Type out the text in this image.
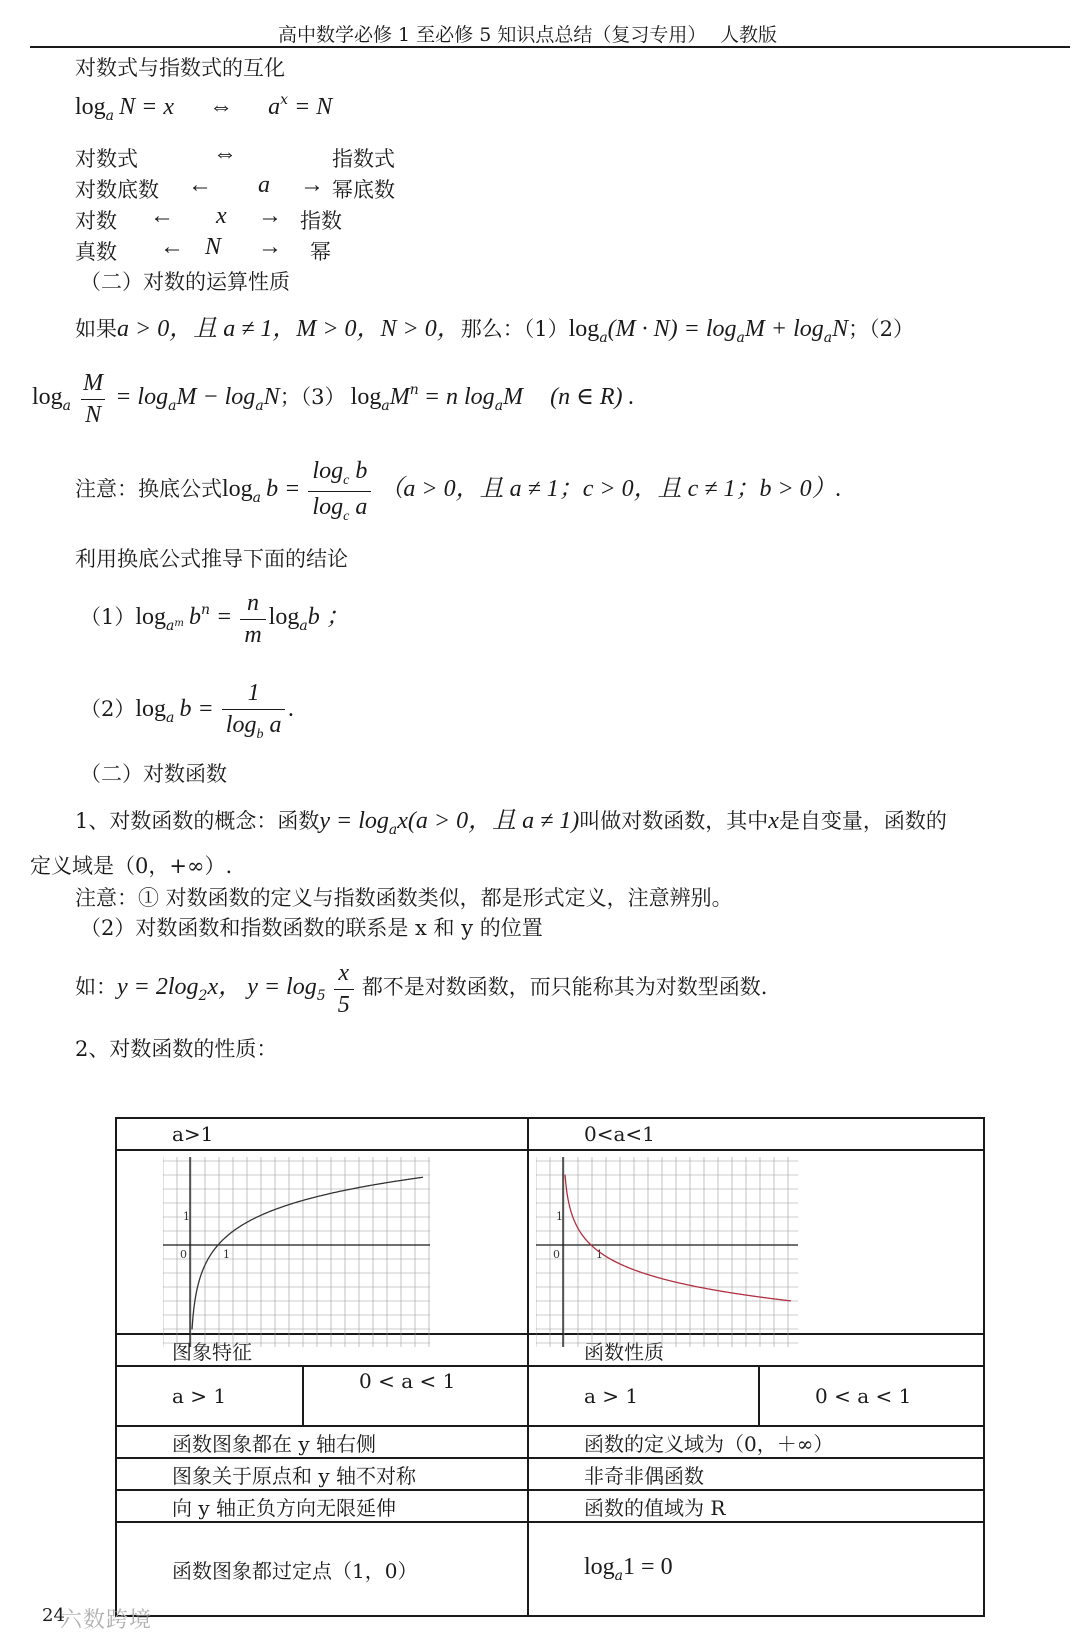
高中数学必修 1 至必修 5 知识点总结（复习专用） 人教版
对数式与指数式的互化
loga N = x ⇔ ax = N
对数式	⇔	指数式
对数底数 ← a → 幂底数
对数 ← x → 指数
真数 ← N → 幂
（二）对数的运算性质
如果a > 0，且 a ≠ 1，M > 0，N > 0，那么：（1）loga(M · N) = logaM + logaN；（2）
loga $\frac{M}{N}$ = logaM − logaN；（3） logaMn = n logaM (n ∈ R) .
注意：换底公式loga $b = \frac{\log_c b}{\log_c a} (a > 0$，且 a ≠ 1；c > 0，且 c ≠ 1；b > 0）.
利用换底公式推导下面的结论
（1）loga$_m$ bn = $\frac{n}{m}$ logab ；
（2）loga $b = \frac{1}{\log_b a}$ .
（二）对数函数
1、对数函数的概念：函数y = logax(a > 0，且 a ≠ 1)叫做对数函数，其中x是自变量，函数的
定义域是（0，+∞）.
注意：① 对数函数的定义与指数函数类似，都是形式定义，注意辨别。
（2）对数函数和指数函数的联系是 x 和 y 的位置
如：y = 2log2x， $y = \log 5 \frac{x}{5}$ 都不是对数函数，而只能称其为对数型函数.
2、对数函数的性质：
a>1		0<a<1	

图象特征		函数性质	
a > 1	0 < a < 1	a > 1	0 < a < 1
函数图象都在 y 轴右侧		函数的定义域为（0，＋∞）	
图象关于原点和 y 轴不对称		非奇非偶函数	
向 y 轴正负方向无限延伸		函数的值域为 R	
函数图象都过定点（1，0）		$\log_a1 = 0$	
1
0	1
1
0	1
24
六数跨境
